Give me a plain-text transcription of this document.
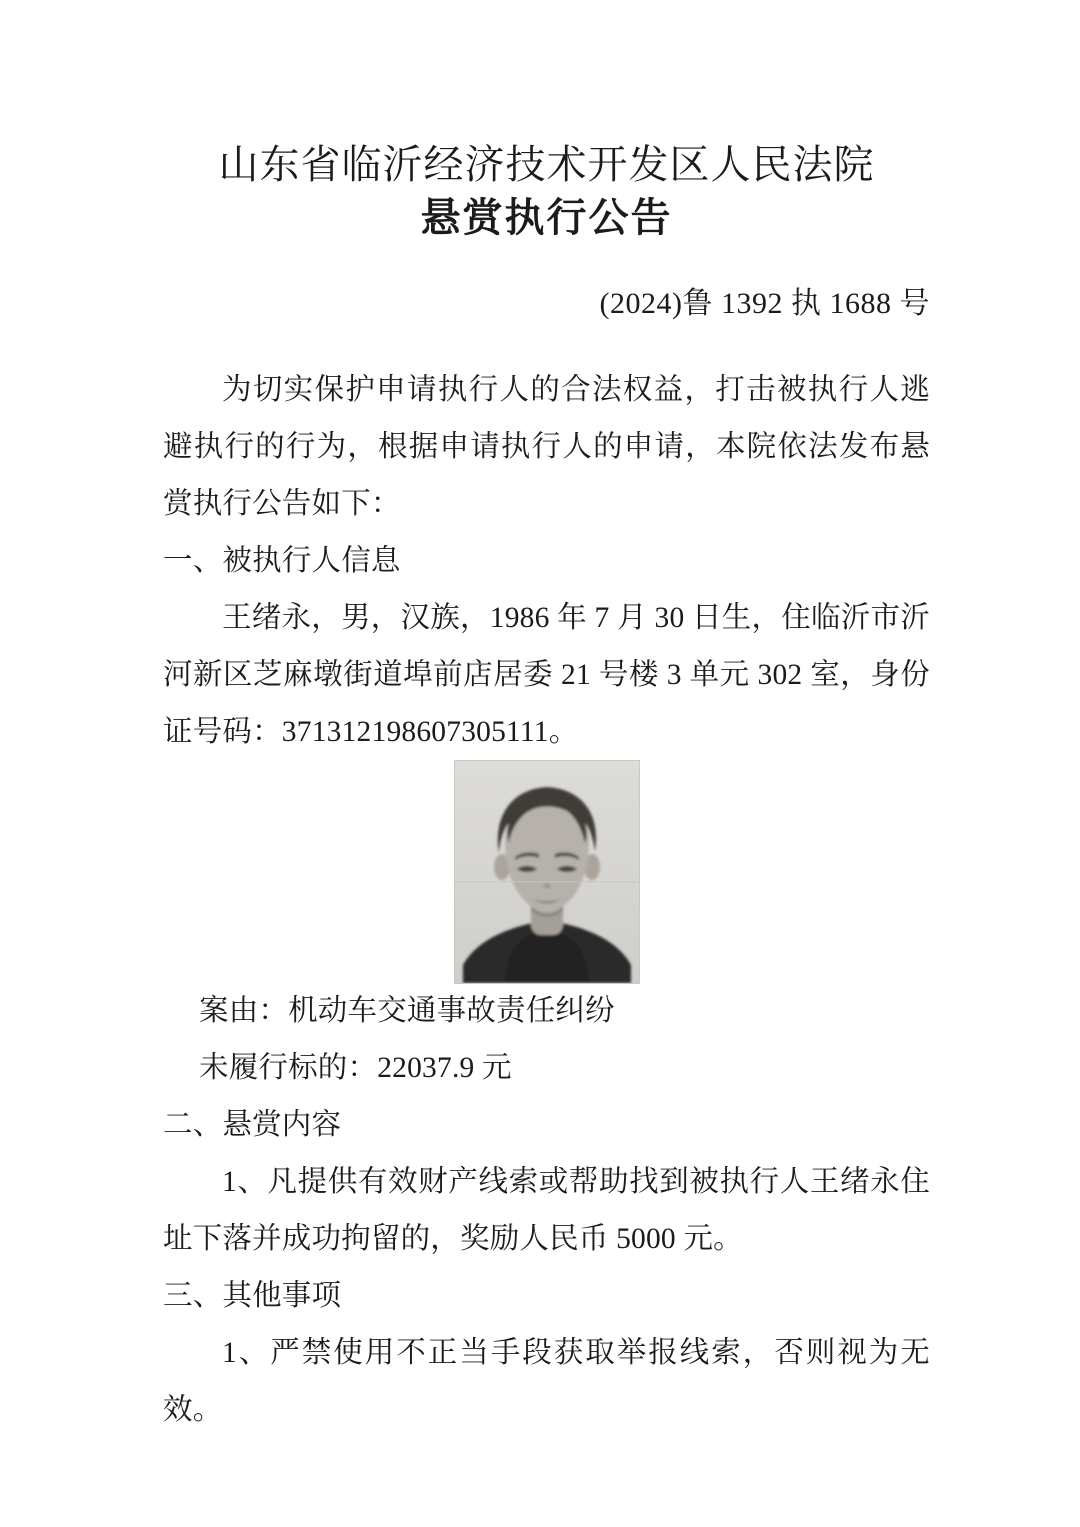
山东省临沂经济技术开发区人民法院
悬赏执行公告
(2024)鲁 1392 执 1688 号

为切实保护申请执行人的合法权益，打击被执行人逃避执行的行为，根据申请执行人的申请，本院依法发布悬赏执行公告如下：

一、被执行人信息

王绪永，男，汉族，1986 年 7 月 30 日生，住临沂市沂河新区芝麻墩街道埠前店居委 21 号楼 3 单元 302 室，身份证号码：371312198607305111。

案由：机动车交通事故责任纠纷

未履行标的：22037.9 元

二、悬赏内容

1、凡提供有效财产线索或帮助找到被执行人王绪永住址下落并成功拘留的，奖励人民币 5000 元。

三、其他事项

1、严禁使用不正当手段获取举报线索，否则视为无效。
